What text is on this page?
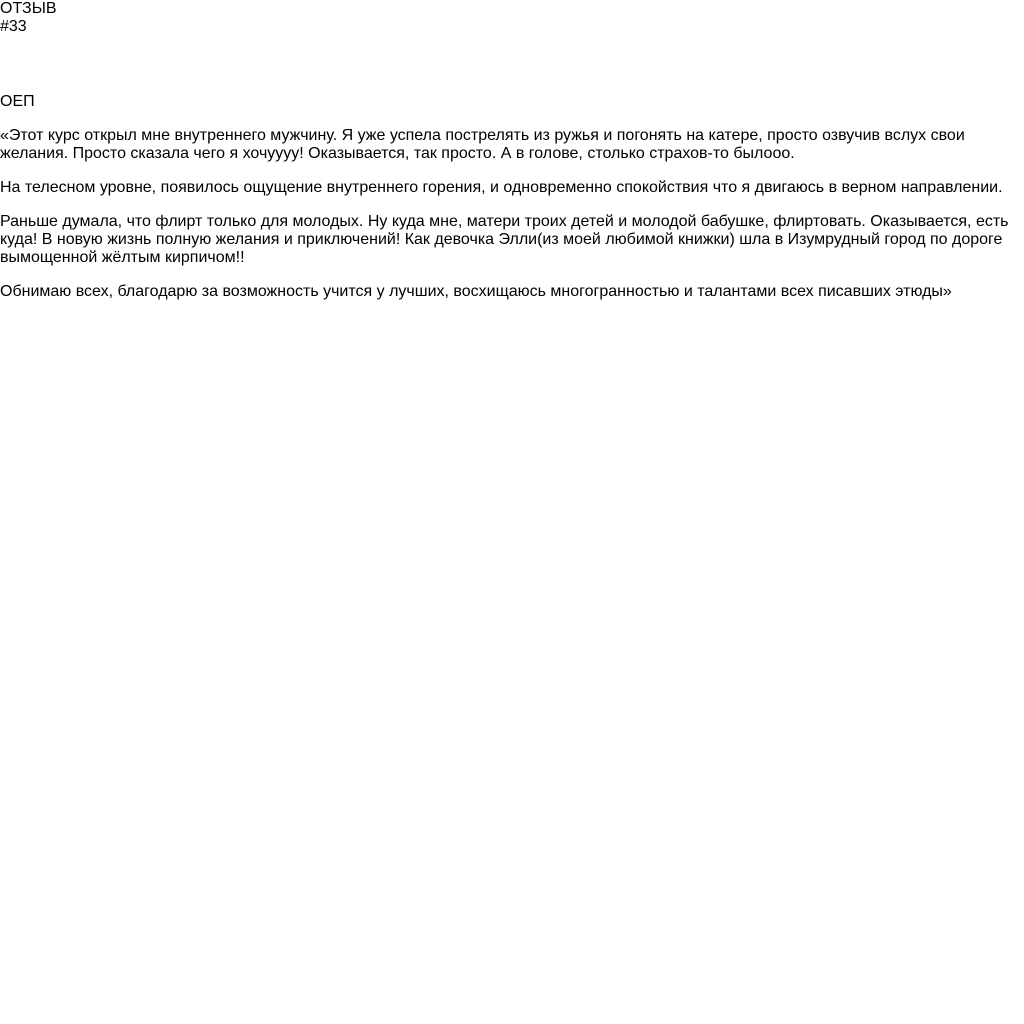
ОТЗЫВ
#33
ОЕП

«Этот курс открыл мне внутреннего мужчину. Я уже успела пострелять из ружья и погонять на катере, просто озвучив вслух свои желания. Просто сказала чего я хочуууу! Оказывается, так просто. А в голове, столько страхов-то былооо.

На телесном уровне, появилось ощущение внутреннего горения, и одновременно спокойствия что я двигаюсь в верном направлении.

Раньше думала, что флирт только для молодых. Ну куда мне, матери троих детей и молодой бабушке, флиртовать. Оказывается, есть куда! В новую жизнь полную желания и приключений! Как девочка Элли(из моей любимой книжки) шла в Изумрудный город по дороге вымощенной жёлтым кирпичом!!

Обнимаю всех, благодарю за возможность учится у лучших, восхищаюсь многогранностью и талантами всех писавших этюды»
